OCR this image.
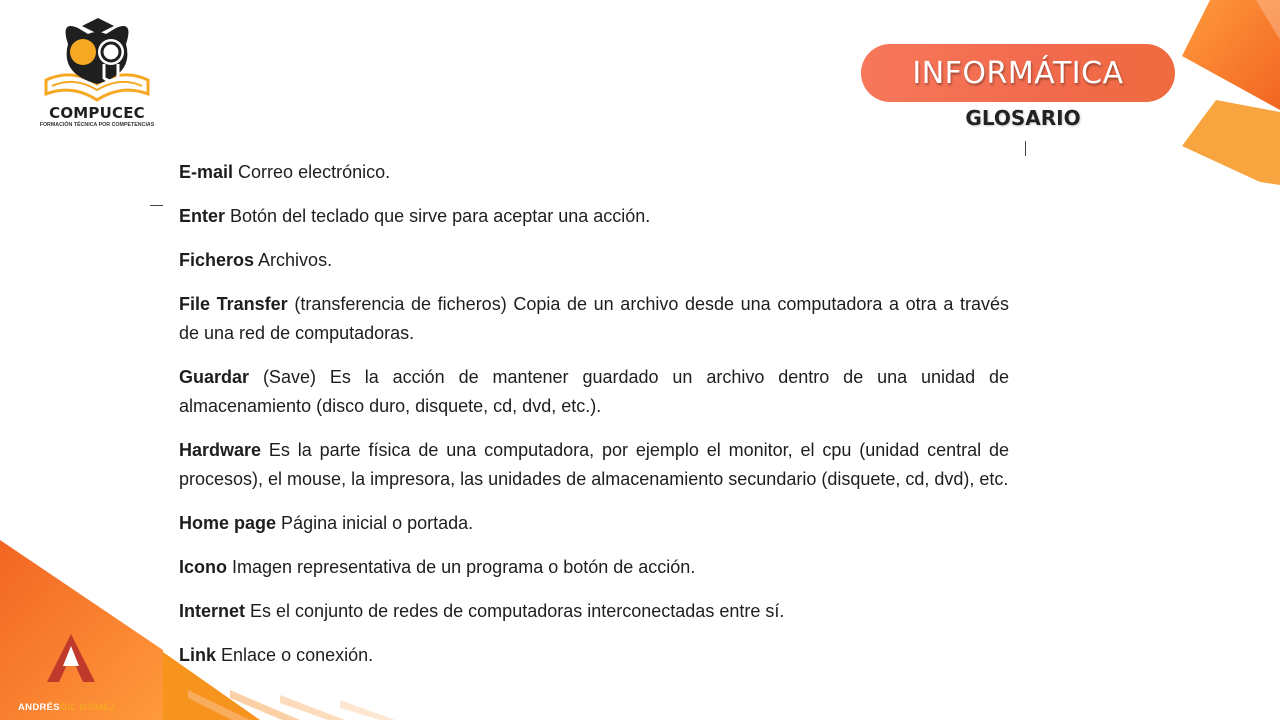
ANDRÉSGIL GÓMEZ
COMPUCEC
FORMACIÓN TÉCNICA POR COMPETENCIAS
INFORMÁTICA
GLOSARIO

E-mail Correo electrónico.

Enter Botón del teclado que sirve para aceptar una acción.

Ficheros Archivos.

File Transfer (transferencia de ficheros) Copia de un archivo desde una computadora a otra a través de una red de computadoras.

Guardar (Save) Es la acción de mantener guardado un archivo dentro de una unidad de almacenamiento (disco duro, disquete, cd, dvd, etc.).

Hardware Es la parte física de una computadora, por ejemplo el monitor, el cpu (unidad central de procesos), el mouse, la impresora, las unidades de almacenamiento secundario (disquete, cd, dvd), etc.

Home page Página inicial o portada.

Icono Imagen representativa de un programa o botón de acción.

Internet Es el conjunto de redes de computadoras interconectadas entre sí.

Link Enlace o conexión.
